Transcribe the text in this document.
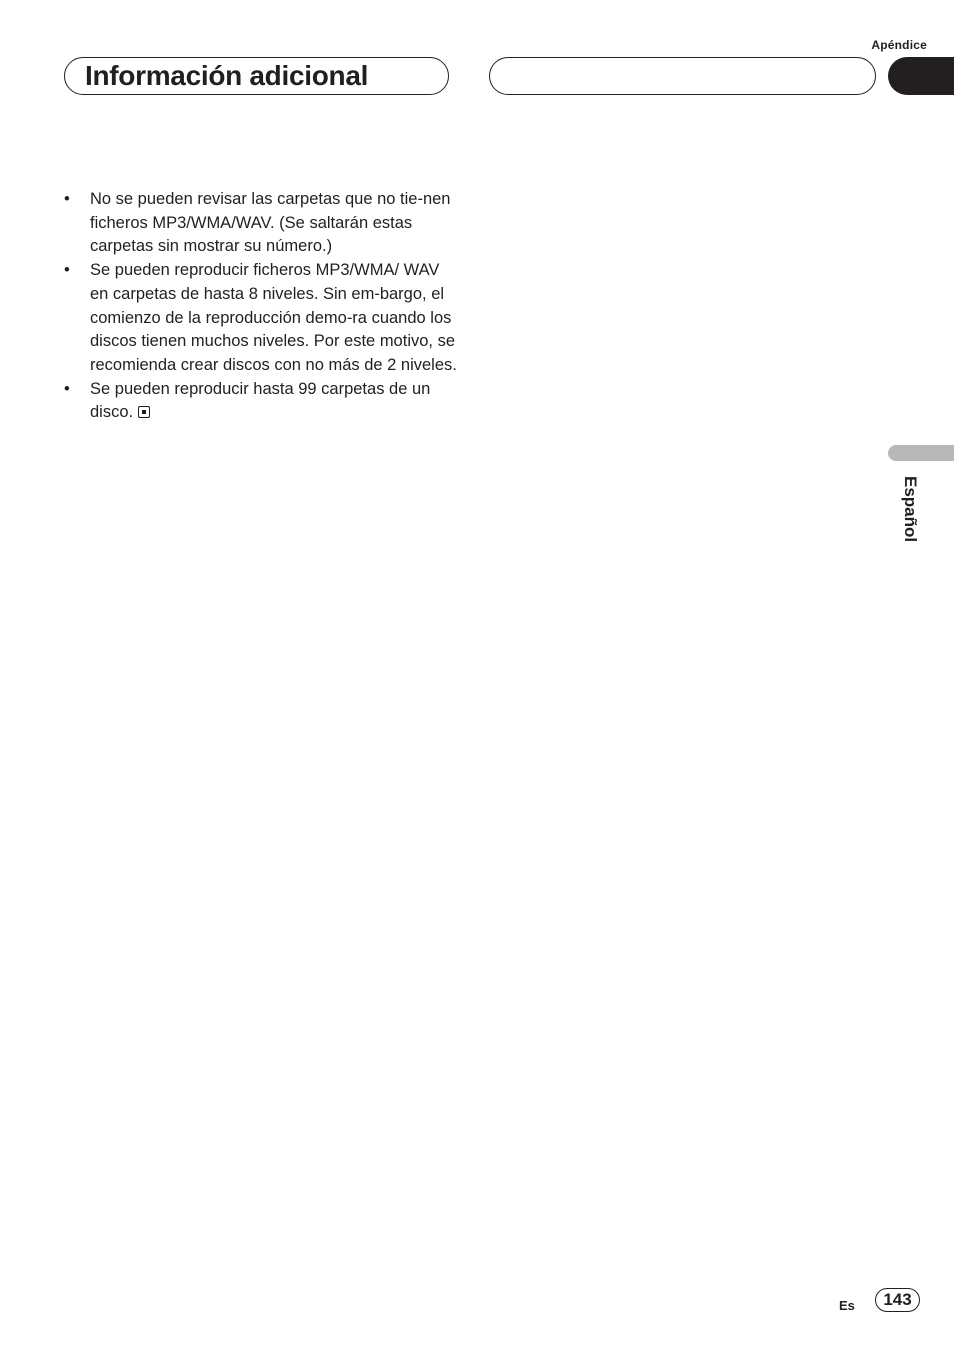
Apéndice
Información adicional
•	No se pueden revisar las carpetas que no tie-nen ficheros MP3/WMA/WAV. (Se saltarán estas carpetas sin mostrar su número.)
•	Se pueden reproducir ficheros MP3/WMA/ WAV en carpetas de hasta 8 niveles. Sin em-bargo, el comienzo de la reproducción demo-ra cuando los discos tienen muchos niveles. Por este motivo, se recomienda crear discos con no más de 2 niveles.
•	Se pueden reproducir hasta 99 carpetas de un disco.
Español
Es	143
